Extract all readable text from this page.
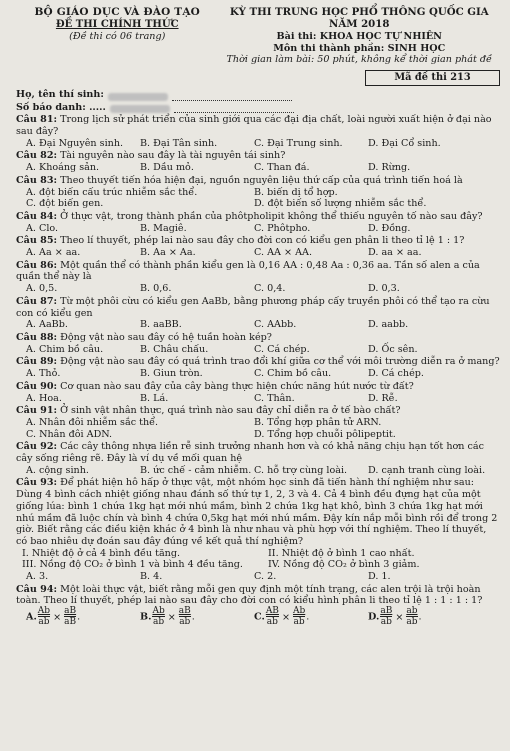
BỘ GIÁO DỤC VÀ ĐÀO TẠO
ĐỀ THI CHÍNH THỨC
(Đề thi có 06 trang)
KỲ THI TRUNG HỌC PHỔ THÔNG QUỐC GIA NĂM 2018
Bài thi: KHOA HỌC TỰ NHIÊN
Môn thi thành phần: SINH HỌC
Thời gian làm bài: 50 phút, không kể thời gian phát đề
Mã đề thi 213
Họ, tên thí sinh:
Số báo danh: .....
Câu 81: Trong lịch sử phát triển của sinh giới qua các đại địa chất, loài người xuất hiện ở đại nào sau đây?
A. Đại Nguyên sinh.	B. Đại Tân sinh.	C. Đại Trung sinh.	D. Đại Cổ sinh.
Câu 82: Tài nguyên nào sau đây là tài nguyên tái sinh?
A. Khoáng sản.	B. Dầu mỏ.	C. Than đá.	D. Rừng.
Câu 83: Theo thuyết tiến hóa hiện đại, nguồn nguyên liệu thứ cấp của quá trình tiến hoá là
A. đột biến cấu trúc nhiễm sắc thể.	B. biến dị tổ hợp.
C. đột biến gen.	D. đột biến số lượng nhiễm sắc thể.
Câu 84: Ở thực vật, trong thành phần của phôtpholipit không thể thiếu nguyên tố nào sau đây?
A. Clo.	B. Magiê.	C. Phôtpho.	D. Đồng.
Câu 85: Theo lí thuyết, phép lai nào sau đây cho đời con có kiểu gen phân li theo tỉ lệ 1 : 1?
A. Aa × aa.	B. Aa × Aa.	C. AA × AA.	D. aa × aa.
Câu 86: Một quần thể có thành phần kiểu gen là 0,16 AA : 0,48 Aa : 0,36 aa. Tần số alen a của quần thể này là
A. 0,5.	B. 0,6.	C. 0,4.	D. 0,3.
Câu 87: Từ một phôi cừu có kiểu gen AaBb, bằng phương pháp cấy truyền phôi có thể tạo ra cừu con có kiểu gen
A. AaBb.	B. aaBB.	C. AAbb.	D. aabb.
Câu 88: Động vật nào sau đây có hệ tuần hoàn kép?
A. Chim bồ câu.	B. Châu chấu.	C. Cá chép.	D. Ốc sên.
Câu 89: Động vật nào sau đây có quá trình trao đổi khí giữa cơ thể với môi trường diễn ra ở mang?
A. Thỏ.	B. Giun tròn.	C. Chim bồ câu.	D. Cá chép.
Câu 90: Cơ quan nào sau đây của cây bàng thực hiện chức năng hút nước từ đất?
A. Hoa.	B. Lá.	C. Thân.	D. Rễ.
Câu 91: Ở sinh vật nhân thực, quá trình nào sau đây chỉ diễn ra ở tế bào chất?
A. Nhân đôi nhiễm sắc thể.	B. Tổng hợp phân tử ARN.
C. Nhân đôi ADN.	D. Tổng hợp chuỗi pôlipeptit.
Câu 92: Các cây thông nhựa liền rễ sinh trưởng nhanh hơn và có khả năng chịu hạn tốt hơn các cây sống riêng rẽ. Đây là ví dụ về mối quan hệ
A. cộng sinh.	B. ức chế - cảm nhiễm. C. hỗ trợ cùng loài.	D. cạnh tranh cùng loài.
Câu 93: Để phát hiện hô hấp ở thực vật, một nhóm học sinh đã tiến hành thí nghiệm như sau: Dùng 4 bình cách nhiệt giống nhau đánh số thứ tự 1, 2, 3 và 4. Cả 4 bình đều đựng hạt của một giống lúa: bình 1 chứa 1kg hạt mới nhú mầm, bình 2 chứa 1kg hạt khô, bình 3 chứa 1kg hạt mới nhú mầm đã luộc chín và bình 4 chứa 0,5kg hạt mới nhú mầm. Đậy kín nắp mỗi bình rồi để trong 2 giờ. Biết rằng các điều kiện khác ở 4 bình là như nhau và phù hợp với thí nghiệm. Theo lí thuyết, có bao nhiêu dự đoán sau đây đúng về kết quả thí nghiệm?
I. Nhiệt độ ở cả 4 bình đều tăng.	II. Nhiệt độ ở bình 1 cao nhất.
III. Nồng độ CO₂ ở bình 1 và bình 4 đều tăng.	IV. Nồng độ CO₂ ở bình 3 giảm.
A. 3.	B. 4.	C. 2.	D. 1.
Câu 94: Một loài thực vật, biết rằng mỗi gen quy định một tính trạng, các alen trội là trội hoàn toàn. Theo lí thuyết, phép lai nào sau đây cho đời con có kiểu hình phân li theo tỉ lệ 1 : 1 : 1 : 1?
A. $\frac{Ab}{ab} \times \frac{aB}{aB}$ .	B. $\frac{Ab}{ab} \times \frac{aB}{ab}$ .	C. $\frac{AB}{ab} \times \frac{Ab}{ab}$ .	D. $\frac{aB}{ab} \times \frac{ab}{ab}$ .
